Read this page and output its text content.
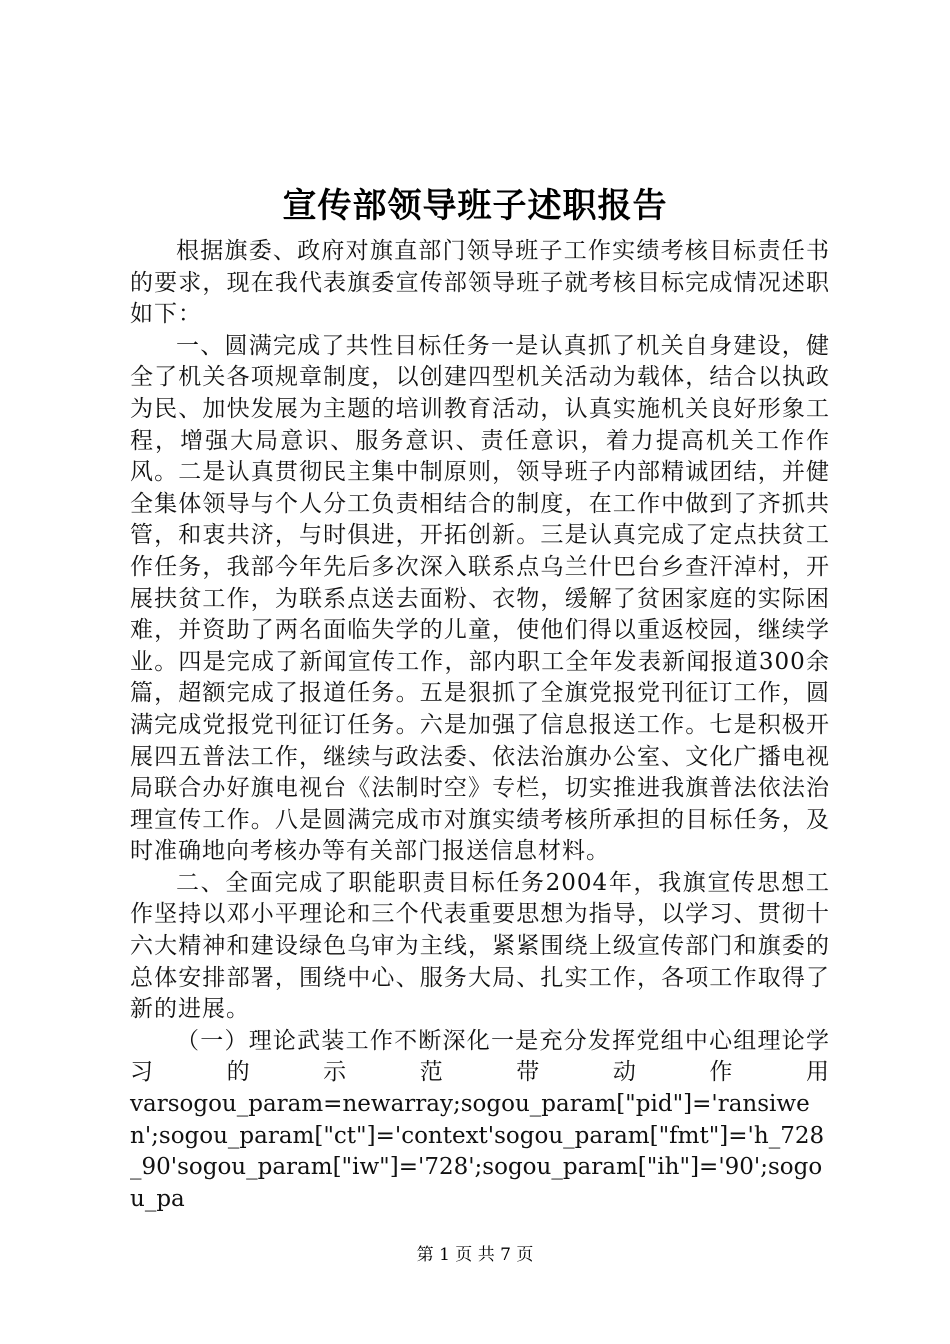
宣传部领导班子述职报告

根据旗委、政府对旗直部门领导班子工作实绩考核目标责任书的要求，现在我代表旗委宣传部领导班子就考核目标完成情况述职如下：

一、圆满完成了共性目标任务一是认真抓了机关自身建设，健全了机关各项规章制度，以创建四型机关活动为载体，结合以执政为民、加快发展为主题的培训教育活动，认真实施机关良好形象工程，增强大局意识、服务意识、责任意识，着力提高机关工作作风。二是认真贯彻民主集中制原则，领导班子内部精诚团结，并健全集体领导与个人分工负责相结合的制度，在工作中做到了齐抓共管，和衷共济，与时俱进，开拓创新。三是认真完成了定点扶贫工作任务，我部今年先后多次深入联系点乌兰什巴台乡查汗淖村，开展扶贫工作，为联系点送去面粉、衣物，缓解了贫困家庭的实际困难，并资助了两名面临失学的儿童，使他们得以重返校园，继续学业。四是完成了新闻宣传工作，部内职工全年发表新闻报道300余篇，超额完成了报道任务。五是狠抓了全旗党报党刊征订工作，圆满完成党报党刊征订任务。六是加强了信息报送工作。七是积极开展四五普法工作，继续与政法委、依法治旗办公室、文化广播电视局联合办好旗电视台《法制时空》专栏，切实推进我旗普法依法治理宣传工作。八是圆满完成市对旗实绩考核所承担的目标任务，及时准确地向考核办等有关部门报送信息材料。

二、全面完成了职能职责目标任务2004年，我旗宣传思想工作坚持以邓小平理论和三个代表重要思想为指导，以学习、贯彻十六大精神和建设绿色乌审为主线，紧紧围绕上级宣传部门和旗委的总体安排部署，围绕中心、服务大局、扎实工作，各项工作取得了新的进展。

（一）理论武装工作不断深化一是充分发挥党组中心组理论学习的示范带动作用

varsogou_param=newarray;sogou_param["pid"]='ransiwen';sogou_param["ct"]='context'sogou_param["fmt"]='h_728_90'sogou_param["iw"]='728';sogou_param["ih"]='90';sogou_pa

第 1 页 共 7 页
